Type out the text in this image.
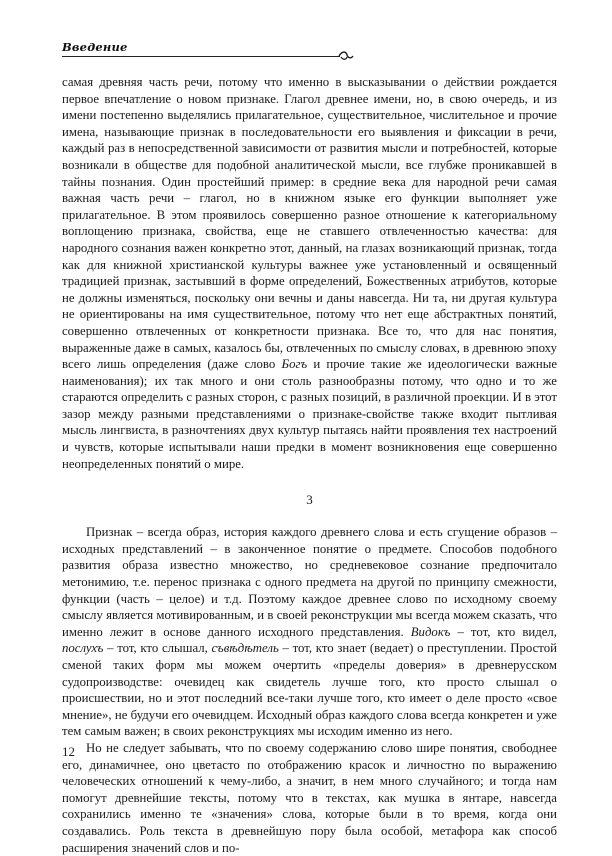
Введение

самая древняя часть речи, потому что именно в высказывании о действии рождается первое впечатление о новом признаке. Глагол древнее имени, но, в свою очередь, и из имени постепенно выделялись прилагательное, существительное, числительное и прочие имена, называющие признак в последовательности его выявления и фиксации в речи, каждый раз в непосредственной зависимости от развития мысли и потребностей, которые возникали в обществе для подобной аналитической мысли, все глубже проникавшей в тайны познания. Один простейший пример: в средние века для народной речи самая важная часть речи – глагол, но в книжном языке его функции выполняет уже прилагательное. В этом проявилось совершенно разное отношение к категориальному воплощению признака, свойства, еще не ставшего отвлеченностью качества: для народного сознания важен конкретно этот, данный, на глазах возникающий признак, тогда как для книжной христианской культуры важнее уже установленный и освященный традицией признак, застывший в форме определений, Божественных атрибутов, которые не должны изменяться, поскольку они вечны и даны навсегда. Ни та, ни другая культура не ориентированы на имя существительное, потому что нет еще абстрактных понятий, совершенно отвлеченных от конкретности признака. Все то, что для нас понятия, выраженные даже в самых, казалось бы, отвлеченных по смыслу словах, в древнюю эпоху всего лишь определения (даже слово Богъ и прочие такие же идеологически важные наименования); их так много и они столь разнообразны потому, что одно и то же стараются определить с разных сторон, с разных позиций, в различной проекции. И в этот зазор между разными представлениями о признаке-свойстве также входит пытливая мысль лингвиста, в разночтениях двух культур пытаясь найти проявления тех настроений и чувств, которые испытывали наши предки в момент возникновения еще совершенно неопределенных понятий о мире.

3

Признак – всегда образ, история каждого древнего слова и есть сгущение образов – исходных представлений – в законченное понятие о предмете. Способов подобного развития образа известно множество, но средневековое сознание предпочитало метонимию, т.е. перенос признака с одного предмета на другой по принципу смежности, функции (часть – целое) и т.д. Поэтому каждое древнее слово по исходному своему смыслу является мотивированным, и в своей реконструкции мы всегда можем сказать, что именно лежит в основе данного исходного представления. Видокъ – тот, кто видел, послухъ – тот, кто слышал, съвѣдѣтель – тот, кто знает (ведает) о преступлении. Простой сменой таких форм мы можем очертить «пределы доверия» в древнерусском судопроизводстве: очевидец как свидетель лучше того, кто просто слышал о происшествии, но и этот последний все-таки лучше того, кто имеет о деле просто «свое мнение», не будучи его очевидцем. Исходный образ каждого слова всегда конкретен и уже тем самым важен; в своих реконструкциях мы исходим именно из него.

Но не следует забывать, что по своему содержанию слово шире понятия, свободнее его, динамичнее, оно цветасто по отображению красок и личностно по выражению человеческих отношений к чему-либо, а значит, в нем много случайного; и тогда нам помогут древнейшие тексты, потому что в текстах, как мушка в янтаре, навсегда сохранились именно те «значения» слова, которые были в то время, когда они создавались. Роль текста в древнейшую пору была особой, метафора как способ расширения значений слов и по-

12
